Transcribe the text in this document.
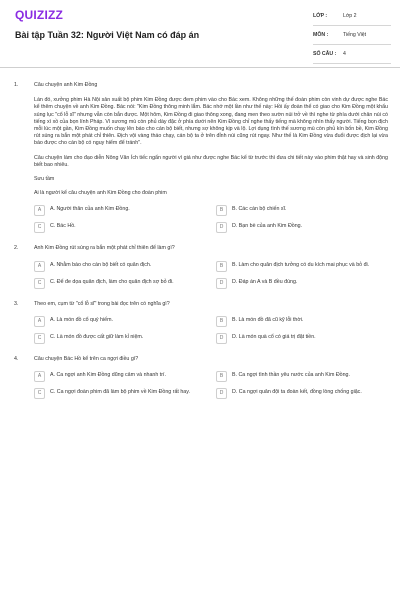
QUIZIZZ
Bài tập Tuần 32: Người Việt Nam có đáp án
LỚP :	Lớp 2
MÔN :	Tiếng Việt
SỐ CÂU :	4
1.	Câu chuyện anh Kim Đồng
Lán đó, xưởng phim Hà Nội sản xuất bộ phim Kim Đồng được đem phim vào cho Bác xem. Không những thế đoàn phim còn vinh dự được nghe Bác kể thêm chuyện về anh Kim Đồng. Bác nói: "Kim Đồng thông minh lắm. Bác nhớ một lần như thế này: Hồi ấy đoàn thể có giao cho Kim Đồng một khẩu súng lục "cổ lỗ sĩ" nhưng vẫn còn bắn được. Một hôm, Kim Đồng đi giao thông xong, đang men theo sườn núi trở về thì nghe từ phía dưới chân núi có tiếng xì xồ của bọn lính Pháp. Vì sương mù còn phủ dày đặc ở phía dưới nên Kim Đồng chỉ nghe thấy tiếng mà không nhìn thấy người. Tiếng bọn địch mỗi lúc một gần, Kim Đồng muốn chạy lên báo cho cán bộ biết, nhưng sợ không kịp và lộ. Lợi dụng tình thế sương mù còn phủ kín bốn bề, Kim Đồng rút súng ra bắn một phát chỉ thiên. Địch vội vàng tháo chạy, cán bộ ta ở trên đỉnh núi cũng rút ngay. Như thế là Kim Đồng vừa đuổi được địch lại vừa báo được cho cán bộ có nguy hiểm để tránh".
Câu chuyện làm cho đạo diễn Nông Văn Ích tiếc ngẩn người vì giá như được nghe Bác kể từ trước thì đưa chi tiết này vào phim thật hay và sinh động biết bao nhiêu.
Sưu tầm
Ai là người kể câu chuyện anh Kim Đồng cho đoàn phim
A	A. Người thân của anh Kim Đồng.	B	B. Các cán bộ chiến sĩ.
C	C. Bác Hồ.	D	D. Bạn bè của anh Kim Đồng.
2.	Anh Kim Đồng rút súng ra bắn một phát chỉ thiên để làm gì?
A	A. Nhằm báo cho cán bộ biết có quân địch.	B	B. Làm cho quân địch tưởng có du kích mai phục và bỏ đi.
C	C. Để đe dọa quân địch, làm cho quân địch sợ bỏ đi.	D	D. Đáp án A và B đều đúng.
3.	Theo em, cụm từ "cổ lỗ sĩ" trong bài đọc trên có nghĩa gì?
A	A. Là món đồ cổ quý hiếm.	B	B. Là món đồ đã cũ kỹ lỗi thời.
C	C. Là món đồ được cất giữ làm kỉ niệm.	D	D. Là món quà cổ có giá trị đặt tiền.
4.	Câu chuyện Bác Hồ kể trên ca ngợi điều gì?
A	A. Ca ngợi anh Kim Đồng dũng cảm và nhanh trí.	B	B. Ca ngợi tình thần yêu nước của anh Kim Đồng.
C	C. Ca ngợi đoàn phim đã làm bộ phim về Kim Đồng rất hay.	D	D. Ca ngợi quân đội ta đoàn kết, đồng lòng chống giặc.
